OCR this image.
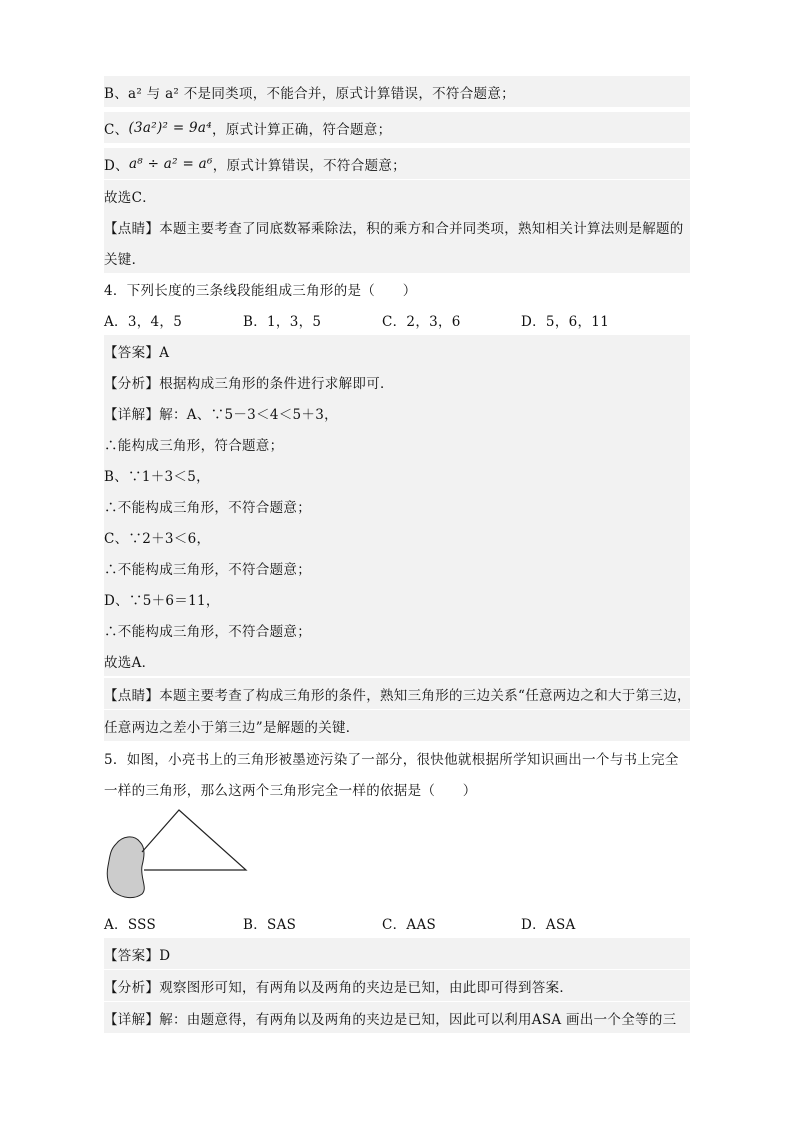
B、a² 与 a² 不是同类项，不能合并，原式计算错误，不符合题意；
C、 (3a²)² = 9a⁴ ，原式计算正确，符合题意；
D、 a⁸ ÷ a² = a⁶ ，原式计算错误，不符合题意；
故选C．
【点睛】本题主要考查了同底数幂乘除法，积的乘方和合并同类项，熟知相关计算法则是解题的
关键．
4．下列长度的三条线段能组成三角形的是（　　）
A．3，4，5	B．1，3，5	C．2，3，6	D．5，6，11
【答案】A
【分析】根据构成三角形的条件进行求解即可．
【详解】解：A、∵5－3＜4＜5＋3，
∴能构成三角形，符合题意；
B、∵1＋3＜5，
∴不能构成三角形，不符合题意；
C、∵2＋3＜6，
∴不能构成三角形，不符合题意；
D、∵5＋6＝11，
∴不能构成三角形，不符合题意；
故选A．
【点睛】本题主要考查了构成三角形的条件，熟知三角形的三边关系“任意两边之和大于第三边，
任意两边之差小于第三边”是解题的关键．
5．如图，小亮书上的三角形被墨迹污染了一部分，很快他就根据所学知识画出一个与书上完全
一样的三角形，那么这两个三角形完全一样的依据是（　　）
A．SSS	B．SAS	C．AAS	D．ASA
【答案】D
【分析】观察图形可知，有两角以及两角的夹边是已知，由此即可得到答案．
【详解】解：由题意得，有两角以及两角的夹边是已知，因此可以利用ASA 画出一个全等的三
